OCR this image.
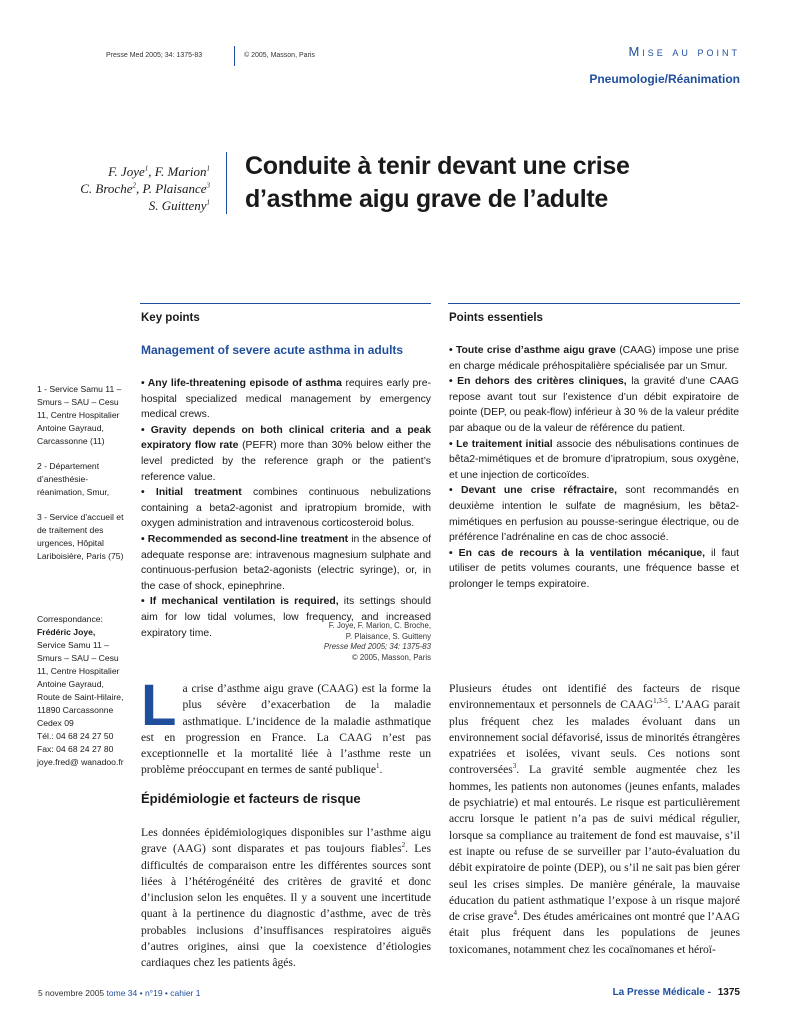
Presse Med 2005; 34: 1375-83	© 2005, Masson, Paris	Mise au point
Pneumologie/Réanimation
F. Joye$^1$, F. Marion$^1$
C. Broche$^2$, P. Plaisance$^3$
S. Guitteny$^1$
Conduite à tenir devant une crise
d’asthme aigu grave de l’adulte
Key points
Management of severe acute asthma in adults

• Any life-threatening episode of asthma requires early pre-hospital specialized medical management by emergency medical crews.

• Gravity depends on both clinical criteria and a peak expiratory flow rate (PEFR) more than 30% below either the level predicted by the reference graph or the patient’s reference value.

• Initial treatment combines continuous nebulizations containing a beta2-agonist and ipratropium bromide, with oxygen administration and intravenous corticosteroid bolus.

• Recommended as second-line treatment in the absence of adequate response are: intravenous magnesium sulphate and continuous-perfusion beta2-agonists (electric syringe), or, in the case of shock, epinephrine.

• If mechanical ventilation is required, its settings should aim for low tidal volumes, low frequency, and increased expiratory time.

F. Joye, F. Marion, C. Broche,
P. Plaisance, S. Guitteny
Presse Med 2005; 34: 1375-83
© 2005, Masson, Paris
Points essentiels

• Toute crise d’asthme aigu grave (CAAG) impose une prise en charge médicale préhospitalière spécialisée par un Smur.

• En dehors des critères cliniques, la gravité d’une CAAG repose avant tout sur l’existence d’un débit expiratoire de pointe (DEP, ou peak-flow) inférieur à 30 % de la valeur prédite par abaque ou de la valeur de référence du patient.

• Le traitement initial associe des nébulisations continues de bêta2-mimétiques et de bromure d’ipratropium, sous oxygène, et une injection de corticoïdes.

• Devant une crise réfractaire, sont recommandés en deuxième intention le sulfate de magnésium, les bêta2-mimétiques en perfusion au pousse-seringue électrique, ou de préférence l’adrénaline en cas de choc associé.

• En cas de recours à la ventilation mécanique, il faut utiliser de petits volumes courants, une fréquence basse et prolonger le temps expiratoire.

1 - Service Samu 11 – Smurs – SAU – Cesu 11, Centre Hospitalier Antoine Gayraud, Carcassonne (11)

2 - Département d’anesthésie-réanimation, Smur,

3 - Service d’accueil et de traitement des urgences, Hôpital Lariboisière, Paris (75)

Correspondance:
Frédéric Joye,
Service Samu 11 – Smurs – SAU – Cesu 11, Centre Hospitalier Antoine Gayraud, Route de Saint-Hilaire, 11890 Carcassonne Cedex 09
Tél.: 04 68 24 27 50
Fax: 04 68 24 27 80
joye.fred@ wanadoo.fr

La crise d’asthme aigu grave (CAAG) est la forme la plus sévère d’exacerbation de la maladie asthmatique. L’incidence de la maladie asthmatique est en progression en France. La CAAG n’est pas exceptionnelle et la mortalité liée à l’asthme reste un problème préoccupant en termes de santé publique$^1$.

Épidémiologie et facteurs de risque

Les données épidémiologiques disponibles sur l’asthme aigu grave (AAG) sont disparates et pas toujours fiables$^2$. Les difficultés de comparaison entre les différentes sources sont liées à l’hétérogénéité des critères de gravité et donc d’inclusion selon les enquêtes. Il y a souvent une incertitude quant à la pertinence du diagnostic d’asthme, avec de très probables inclusions d’insuffisances respiratoires aiguës d’autres origines, ainsi que la coexistence d’étiologies cardiaques chez les patients âgés.

Plusieurs études ont identifié des facteurs de risque environnementaux et personnels de CAAG$^{1,3-5}$. L’AAG parait plus fréquent chez les malades évoluant dans un environnement social défavorisé, issus de minorités étrangères expatriées et isolées, vivant seuls. Ces notions sont controversées$^3$. La gravité semble augmentée chez les hommes, les patients non autonomes (jeunes enfants, malades de psychiatrie) et mal entourés. Le risque est particulièrement accru lorsque le patient n’a pas de suivi médical régulier, lorsque sa compliance au traitement de fond est mauvaise, s’il est inapte ou refuse de se surveiller par l’auto-évaluation du débit expiratoire de pointe (DEP), ou s’il ne sait pas bien gérer seul les crises simples. De manière générale, la mauvaise éducation du patient asthmatique l’expose à un risque majoré de crise grave$^4$. Des études américaines ont montré que l’AAG était plus fréquent dans les populations de jeunes toxicomanes, notamment chez les cocaïnomanes et héroï-

5 novembre 2005 tome 34 • n°19 • cahier 1	La Presse Médicale - 1375
